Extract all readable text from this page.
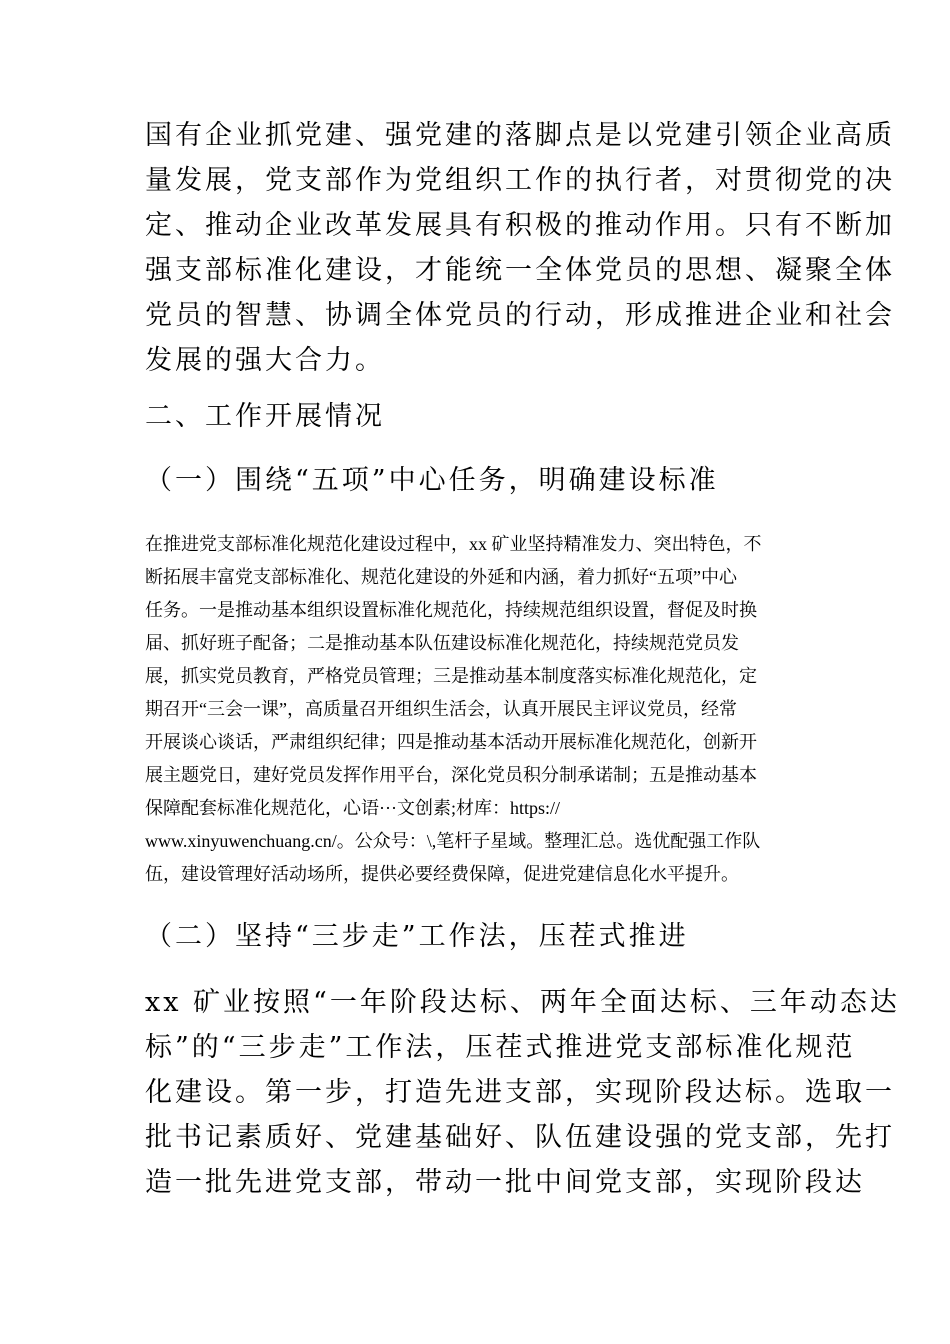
国有企业抓党建、强党建的落脚点是以党建引领企业高质
量发展，党支部作为党组织工作的执行者，对贯彻党的决
定、推动企业改革发展具有积极的推动作用。只有不断加
强支部标准化建设，才能统一全体党员的思想、凝聚全体
党员的智慧、协调全体党员的行动，形成推进企业和社会
发展的强大合力。
二、工作开展情况
（一）围绕“五项”中心任务，明确建设标准
在推进党支部标准化规范化建设过程中，xx 矿业坚持精准发力、突出特色，不
断拓展丰富党支部标准化、规范化建设的外延和内涵，着力抓好“五项”中心
任务。一是推动基本组织设置标准化规范化，持续规范组织设置，督促及时换
届、抓好班子配备；二是推动基本队伍建设标准化规范化，持续规范党员发
展，抓实党员教育，严格党员管理；三是推动基本制度落实标准化规范化，定
期召开“三会一课”，高质量召开组织生活会，认真开展民主评议党员，经常
开展谈心谈话，严肃组织纪律；四是推动基本活动开展标准化规范化，创新开
展主题党日，建好党员发挥作用平台，深化党员积分制承诺制；五是推动基本
保障配套标准化规范化，心语···文创素;材库：https://
www.xinyuwenchuang.cn/。公众号：\,笔杆子星域。整理汇总。选优配强工作队
伍，建设管理好活动场所，提供必要经费保障，促进党建信息化水平提升。
（二）坚持“三步走”工作法，压茬式推进
xx 矿业按照“一年阶段达标、两年全面达标、三年动态达
标”的“三步走”工作法，压茬式推进党支部标准化规范
化建设。第一步，打造先进支部，实现阶段达标。选取一
批书记素质好、党建基础好、队伍建设强的党支部，先打
造一批先进党支部，带动一批中间党支部，实现阶段达
